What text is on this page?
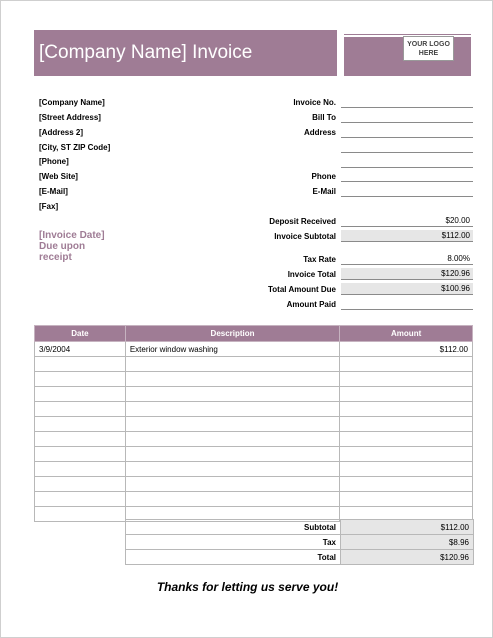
[Company Name] Invoice	YOUR LOGO
HERE
[Company Name]
[Street Address]
[Address 2]
[City, ST ZIP Code]
[Phone]
[Web Site]
[E-Mail]
[Fax]
Invoice No.
Bill To
Address
Phone
E-Mail
[Invoice Date]
Due upon
receipt
Deposit Received	$20.00
Invoice Subtotal	$112.00
Tax Rate	8.00%
Invoice Total	$120.96
Total Amount Due	$100.96
Amount Paid
Date	Description	Amount
3/9/2004	Exterior window washing	$112.00

Subtotal	$112.00
Tax	$8.96
Total	$120.96
Thanks for letting us serve you!
